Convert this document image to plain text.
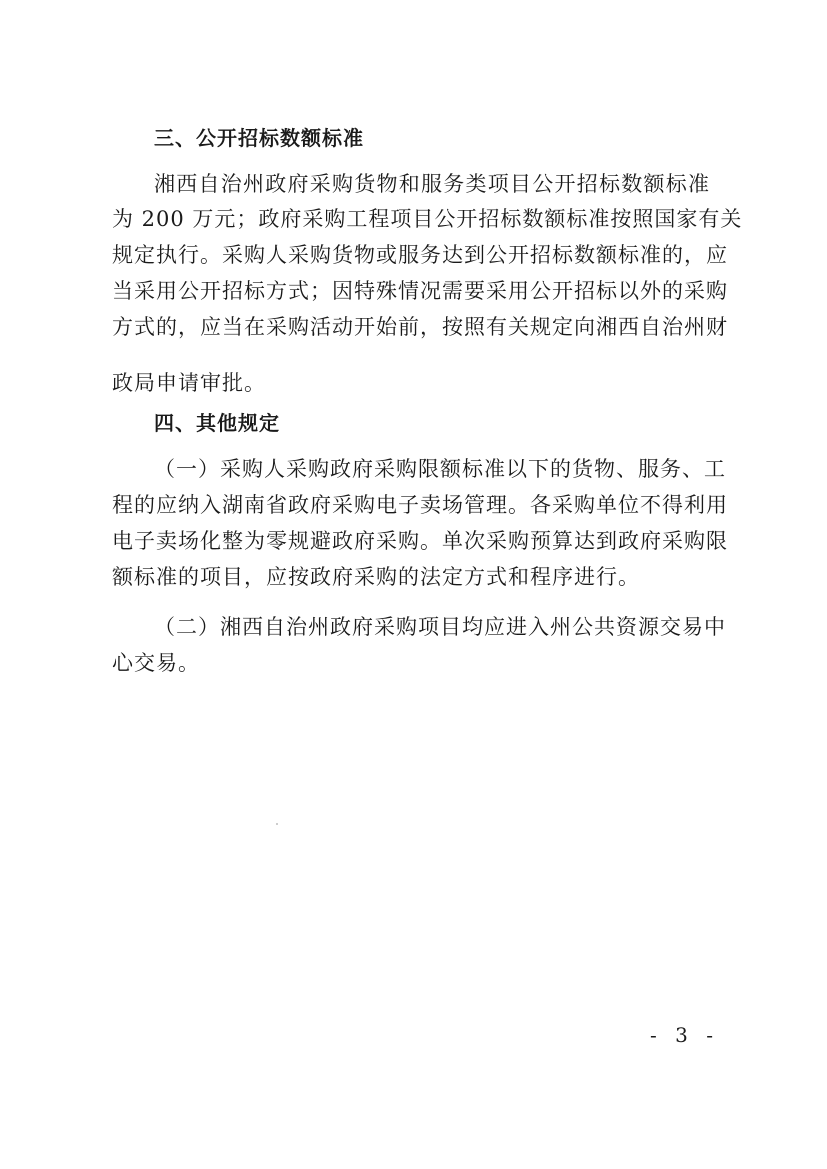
三、公开招标数额标准
湘西自治州政府采购货物和服务类项目公开招标数额标准
为 200 万元；政府采购工程项目公开招标数额标准按照国家有关
规定执行。采购人采购货物或服务达到公开招标数额标准的，应
当采用公开招标方式；因特殊情况需要采用公开招标以外的采购
方式的，应当在采购活动开始前，按照有关规定向湘西自治州财
政局申请审批。
四、其他规定
（一）采购人采购政府采购限额标准以下的货物、服务、工
程的应纳入湖南省政府采购电子卖场管理。各采购单位不得利用
电子卖场化整为零规避政府采购。单次采购预算达到政府采购限
额标准的项目，应按政府采购的法定方式和程序进行。
（二）湘西自治州政府采购项目均应进入州公共资源交易中
心交易。
- 3 -
